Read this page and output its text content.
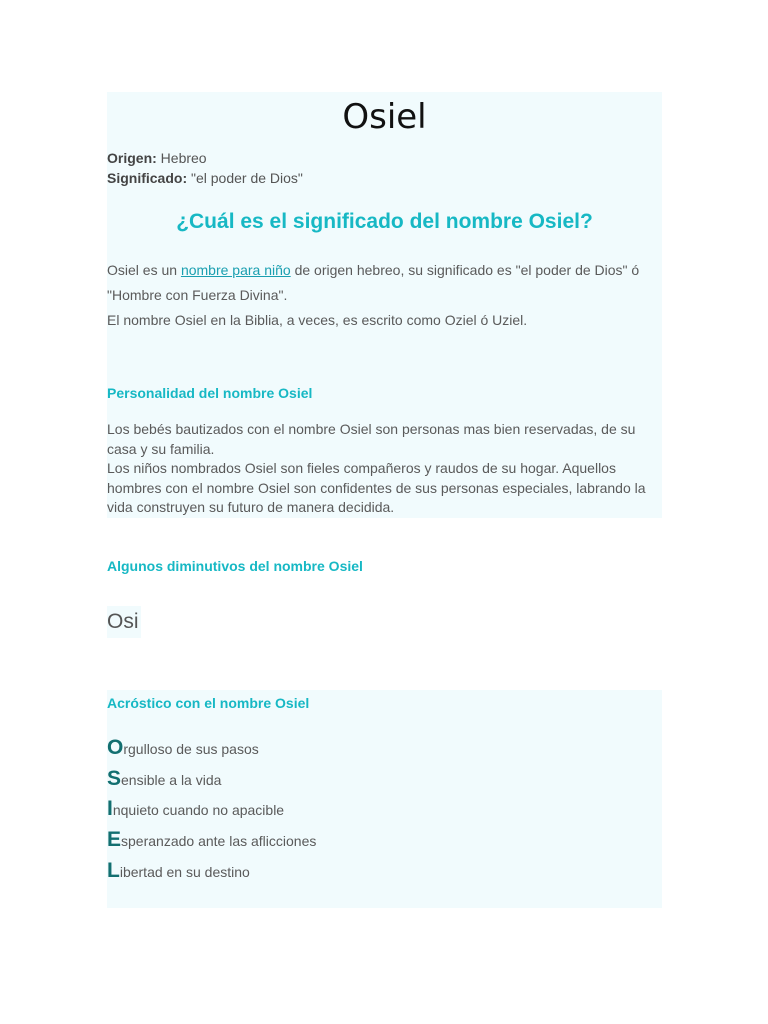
Osiel
Origen: Hebreo
Significado: "el poder de Dios"
¿Cuál es el significado del nombre Osiel?

Osiel es un nombre para niño de origen hebreo, su significado es "el poder de Dios" ó "Hombre con Fuerza Divina".
El nombre Osiel en la Biblia, a veces, es escrito como Oziel ó Uziel.

Personalidad del nombre Osiel

Los bebés bautizados con el nombre Osiel son personas mas bien reservadas, de su casa y su familia.
Los niños nombrados Osiel son fieles compañeros y raudos de su hogar. Aquellos hombres con el nombre Osiel son confidentes de sus personas especiales, labrando la vida construyen su futuro de manera decidida.

Algunos diminutivos del nombre Osiel
Osi
Acróstico con el nombre Osiel
Orgulloso de sus pasos
Sensible a la vida
Inquieto cuando no apacible
Esperanzado ante las aflicciones
Libertad en su destino
